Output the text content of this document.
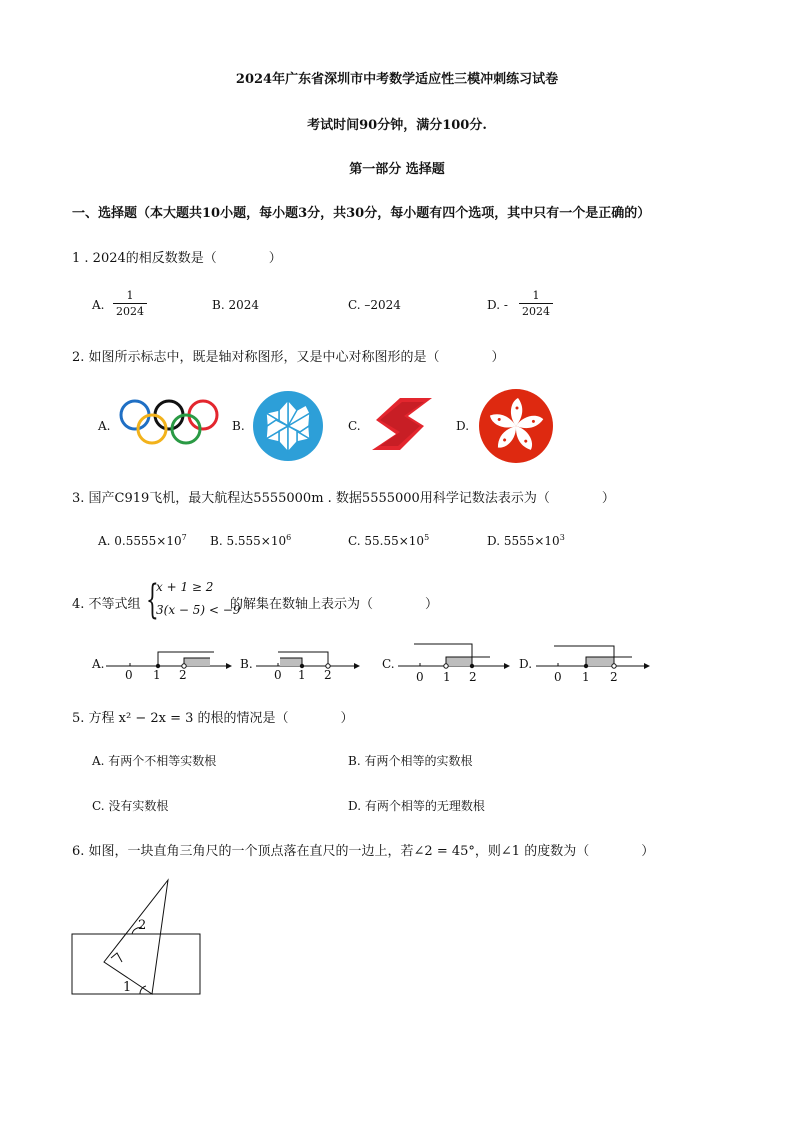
2024年广东省深圳市中考数学适应性三模冲刺练习试卷
考试时间90分钟，满分100分.
第一部分 选择题
一、选择题（本大题共10小题，每小题3分，共30分，每小题有四个选项，其中只有一个是正确的）
1 . 2024的相反数数是（　　　　）
A.
1
2024	B. 2024	C. –2024	D. -
1
2024
2. 如图所示标志中，既是轴对称图形，又是中心对称图形的是（　　　　）
A.	B.	C.	D.
3. 国产C919飞机，最大航程达5555000m . 数据5555000用科学记数法表示为（　　　　）
A. $0.5555\times 10^7$ B. $5.555\times 10^6$	C. $55.55\times 10^5$	D. $5555\times 10^3$
4. 不等式组 {
x + 1 ≥ 2
3(x − 5) < −9
的解集在数轴上表示为（　　　　）
A.
0 1 2
B.
0 1 2
C.
0 1 2
D.
0 1 2
5. 方程 x² − 2x = 3 的根的情况是（　　　　）
A. 有两个不相等实数根	B. 有两个相等的实数根
C. 没有实数根	D. 有两个相等的无理数根
6. 如图，一块直角三角尺的一个顶点落在直尺的一边上，若∠2 = 45°，则∠1 的度数为（　　　　）
2
1
